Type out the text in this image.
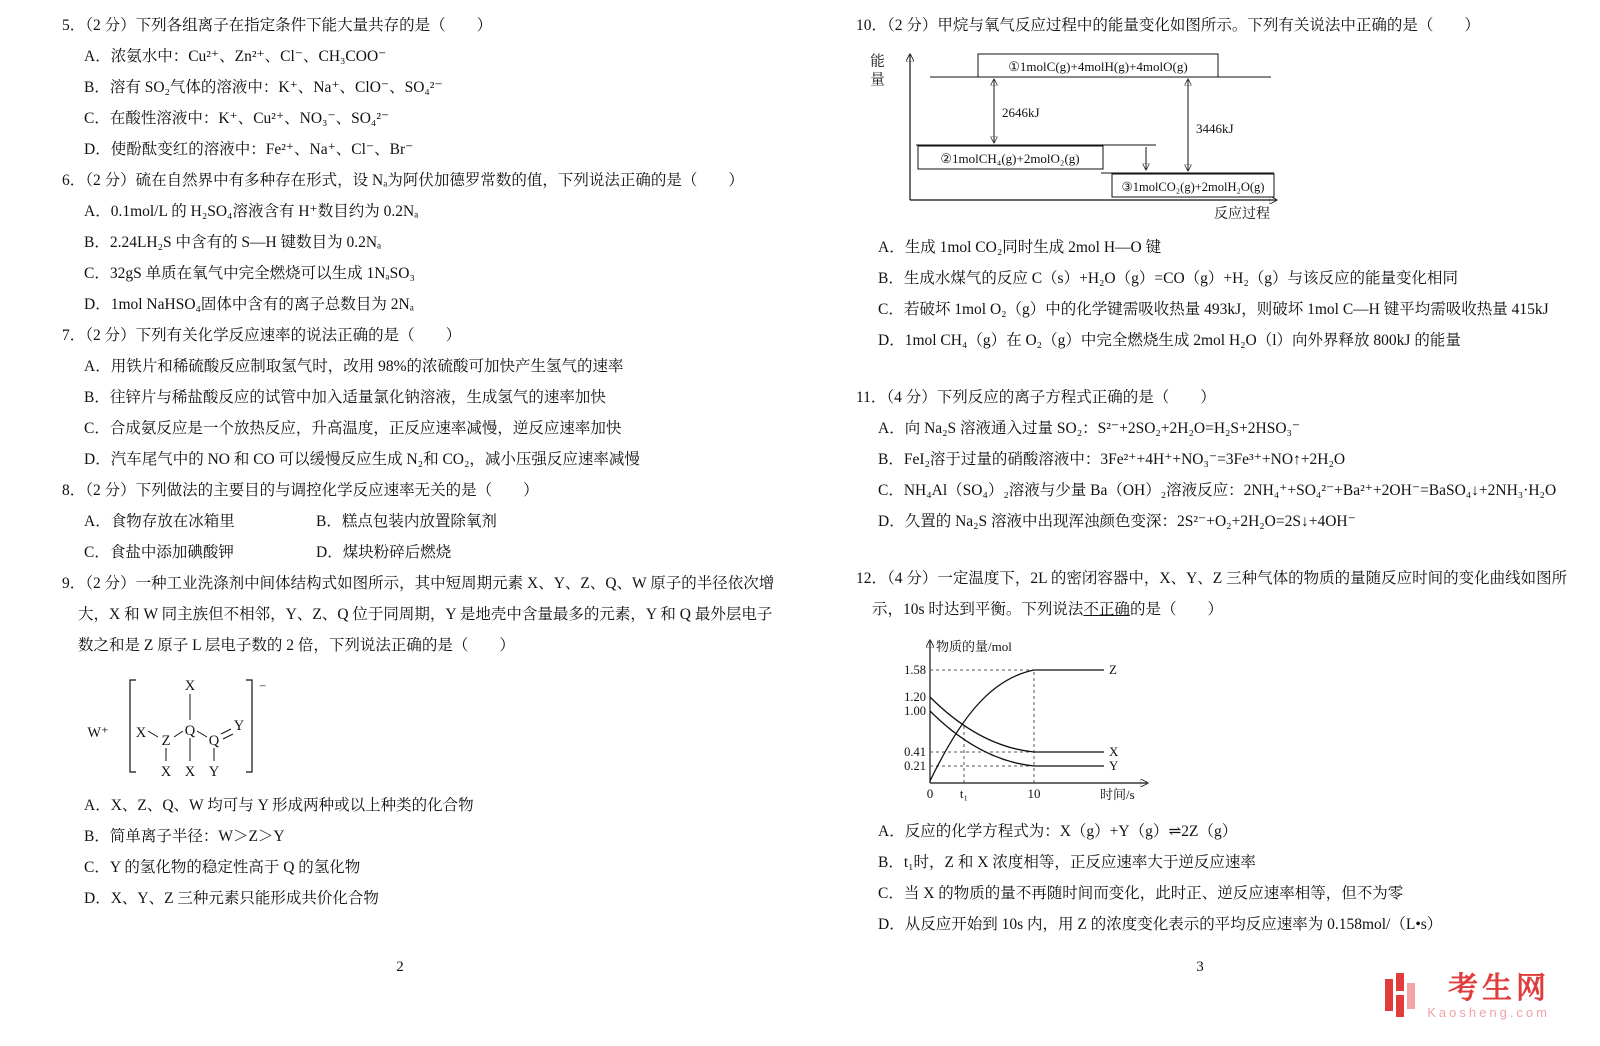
5．（2 分）下列各组离子在指定条件下能大量共存的是（　　）
A．浓氨水中：Cu²⁺、Zn²⁺、Cl⁻、CH₃COO⁻
B．溶有 SO₂气体的溶液中：K⁺、Na⁺、ClO⁻、SO₄²⁻
C．在酸性溶液中：K⁺、Cu²⁺、NO₃⁻、SO₄²⁻
D．使酚酞变红的溶液中：Fe²⁺、Na⁺、Cl⁻、Br⁻
6．（2 分）硫在自然界中有多种存在形式，设 Nₐ为阿伏加德罗常数的值，下列说法正确的是（　　）
A．0.1mol/L 的 H₂SO₄溶液含有 H⁺数目约为 0.2Nₐ
B．2.24LH₂S 中含有的 S—H 键数目为 0.2Nₐ
C．32gS 单质在氧气中完全燃烧可以生成 1NₐSO₃
D．1mol NaHSO₄固体中含有的离子总数目为 2Nₐ
7．（2 分）下列有关化学反应速率的说法正确的是（　　）
A．用铁片和稀硫酸反应制取氢气时，改用 98%的浓硫酸可加快产生氢气的速率
B．往锌片与稀盐酸反应的试管中加入适量氯化钠溶液，生成氢气的速率加快
C．合成氨反应是一个放热反应，升高温度，正反应速率减慢，逆反应速率加快
D．汽车尾气中的 NO 和 CO 可以缓慢反应生成 N₂和 CO₂，减小压强反应速率减慢
8．（2 分）下列做法的主要目的与调控化学反应速率无关的是（　　）
A．食物存放在冰箱里	B．糕点包装内放置除氧剂
C．食盐中添加碘酸钾	D．煤块粉碎后燃烧
9．（2 分）一种工业洗涤剂中间体结构式如图所示，其中短周期元素 X、Y、Z、Q、W 原子的半径依次增
大，X 和 W 同主族但不相邻，Y、Z、Q 位于同周期，Y 是地壳中含量最多的元素，Y 和 Q 最外层电子
数之和是 Z 原子 L 层电子数的 2 倍，下列说法正确的是（　　）
W⁺
−
X
X Z
Q
Q
Y
X X Y
A．X、Z、Q、W 均可与 Y 形成两种或以上种类的化合物
B．简单离子半径：W＞Z＞Y
C．Y 的氢化物的稳定性高于 Q 的氢化物
D．X、Y、Z 三种元素只能形成共价化合物
2
10．（2 分）甲烷与氧气反应过程中的能量变化如图所示。下列有关说法中正确的是（　　）
能量	①1molC(g)+4molH(g)+4molO(g)
2646kJ
3446kJ
②1molCH₄(g)+2molO₂(g)
③1molCO₂(g)+2molH₂O(g)
反应过程
A．生成 1mol CO₂同时生成 2mol H—O 键
B．生成水煤气的反应 C（s）+H₂O（g）=CO（g）+H₂（g）与该反应的能量变化相同
C．若破坏 1mol O₂（g）中的化学键需吸收热量 493kJ，则破坏 1mol C—H 键平均需吸收热量 415kJ
D．1mol CH₄（g）在 O₂（g）中完全燃烧生成 2mol H₂O（l）向外界释放 800kJ 的能量
11．（4 分）下列反应的离子方程式正确的是（　　）
A．向 Na₂S 溶液通入过量 SO₂：S²⁻+2SO₂+2H₂O=H₂S+2HSO₃⁻
B．FeI₂溶于过量的硝酸溶液中：3Fe²⁺+4H⁺+NO₃⁻=3Fe³⁺+NO↑+2H₂O
C．NH₄Al（SO₄）₂溶液与少量 Ba（OH）₂溶液反应：2NH₄⁺+SO₄²⁻+Ba²⁺+2OH⁻=BaSO₄↓+2NH₃·H₂O
D．久置的 Na₂S 溶液中出现浑浊颜色变深：2S²⁻+O₂+2H₂O=2S↓+4OH⁻
12．（4 分）一定温度下，2L 的密闭容器中，X、Y、Z 三种气体的物质的量随反应时间的变化曲线如图所
示，10s 时达到平衡。下列说法不正确的是（　　）
物质的量/mol
时间/s
Z
X
Y
1.58
1.20
1.00
0.41
0.21
0 t₁	10
A．反应的化学方程式为：X（g）+Y（g）⇌2Z（g）
B．t₁时，Z 和 X 浓度相等，正反应速率大于逆反应速率
C．当 X 的物质的量不再随时间而变化，此时正、逆反应速率相等，但不为零
D．从反应开始到 10s 内，用 Z 的浓度变化表示的平均反应速率为 0.158mol/（L•s）
3
考生网
Kaosheng.com
